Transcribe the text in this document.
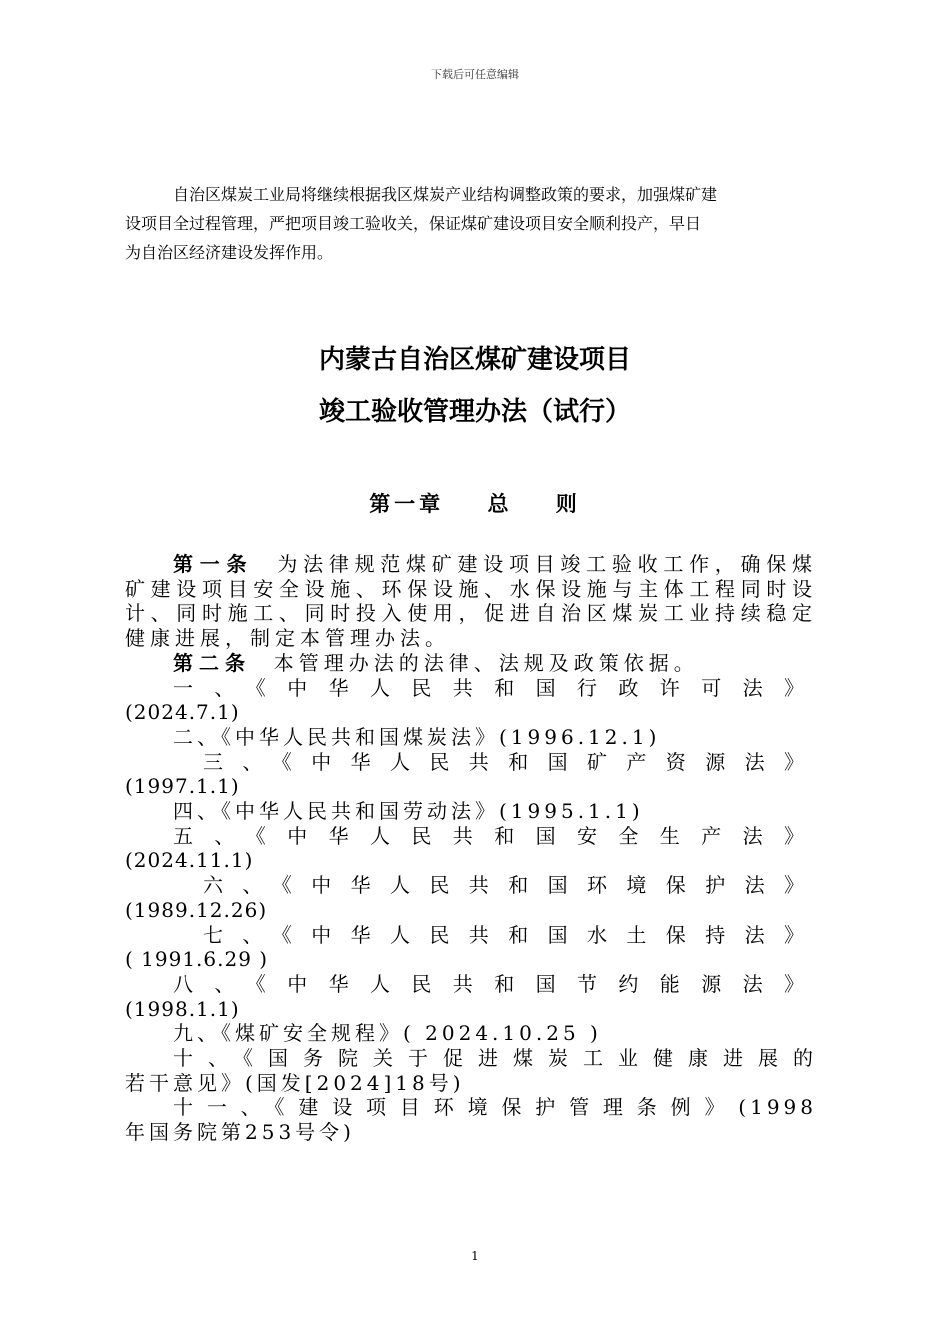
下载后可任意编辑

自治区煤炭工业局将继续根据我区煤炭产业结构调整政策的要求，加强煤矿建

设项目全过程管理，严把项目竣工验收关，保证煤矿建设项目安全顺利投产，早日

为自治区经济建设发挥作用。

内蒙古自治区煤矿建设项目
竣工验收管理办法（试行）
第一章 总 则

第一条  为法律规范煤矿建设项目竣工验收工作，确保煤矿建设项目安全设施、环保设施、水保设施与主体工程同时设计、同时施工、同时投入使用，促进自治区煤炭工业持续稳定健康进展，制定本管理办法。

第二条  本管理办法的法律、法规及政策依据。

一、《中华人民共和国行政许可法》

(2024.7.1)

二、《中华人民共和国煤炭法》(1996.12.1)

三、《中华人民共和国矿产资源法》

(1997.1.1)

四、《中华人民共和国劳动法》(1995.1.1)

五、《中华人民共和国安全生产法》

(2024.11.1)

六、《中华人民共和国环境保护法》

(1989.12.26)

七、《中华人民共和国水土保持法》

( 1991.6.29 )

八、《中华人民共和国节约能源法》

(1998.1.1)

九、《煤矿安全规程》( 2024.10.25 )

十、《国务院关于促进煤炭工业健康进展的

若干意见》(国发[2024]18号)

十一、《建设项目环境保护管理条例》(1998

年国务院第253号令)

1
